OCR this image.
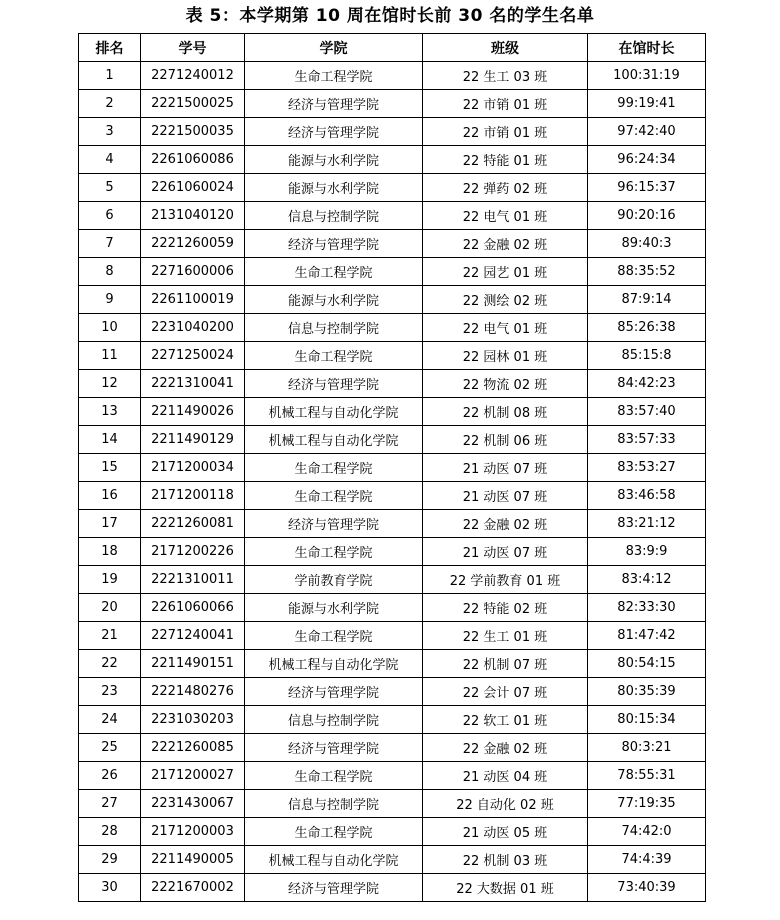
表 5：本学期第 10 周在馆时长前 30 名的学生名单
排名	学号	学院	班级	在馆时长
1	2271240012	生命工程学院	22 生工 03 班	100:31:19
2	2221500025	经济与管理学院	22 市销 01 班	99:19:41
3	2221500035	经济与管理学院	22 市销 01 班	97:42:40
4	2261060086	能源与水利学院	22 特能 01 班	96:24:34
5	2261060024	能源与水利学院	22 弹药 02 班	96:15:37
6	2131040120	信息与控制学院	22 电气 01 班	90:20:16
7	2221260059	经济与管理学院	22 金融 02 班	89:40:3
8	2271600006	生命工程学院	22 园艺 01 班	88:35:52
9	2261100019	能源与水利学院	22 测绘 02 班	87:9:14
10	2231040200	信息与控制学院	22 电气 01 班	85:26:38
11	2271250024	生命工程学院	22 园林 01 班	85:15:8
12	2221310041	经济与管理学院	22 物流 02 班	84:42:23
13	2211490026	机械工程与自动化学院	22 机制 08 班	83:57:40
14	2211490129	机械工程与自动化学院	22 机制 06 班	83:57:33
15	2171200034	生命工程学院	21 动医 07 班	83:53:27
16	2171200118	生命工程学院	21 动医 07 班	83:46:58
17	2221260081	经济与管理学院	22 金融 02 班	83:21:12
18	2171200226	生命工程学院	21 动医 07 班	83:9:9
19	2221310011	学前教育学院	22 学前教育 01 班	83:4:12
20	2261060066	能源与水利学院	22 特能 02 班	82:33:30
21	2271240041	生命工程学院	22 生工 01 班	81:47:42
22	2211490151	机械工程与自动化学院	22 机制 07 班	80:54:15
23	2221480276	经济与管理学院	22 会计 07 班	80:35:39
24	2231030203	信息与控制学院	22 软工 01 班	80:15:34
25	2221260085	经济与管理学院	22 金融 02 班	80:3:21
26	2171200027	生命工程学院	21 动医 04 班	78:55:31
27	2231430067	信息与控制学院	22 自动化 02 班	77:19:35
28	2171200003	生命工程学院	21 动医 05 班	74:42:0
29	2211490005	机械工程与自动化学院	22 机制 03 班	74:4:39
30	2221670002	经济与管理学院	22 大数据 01 班	73:40:39
